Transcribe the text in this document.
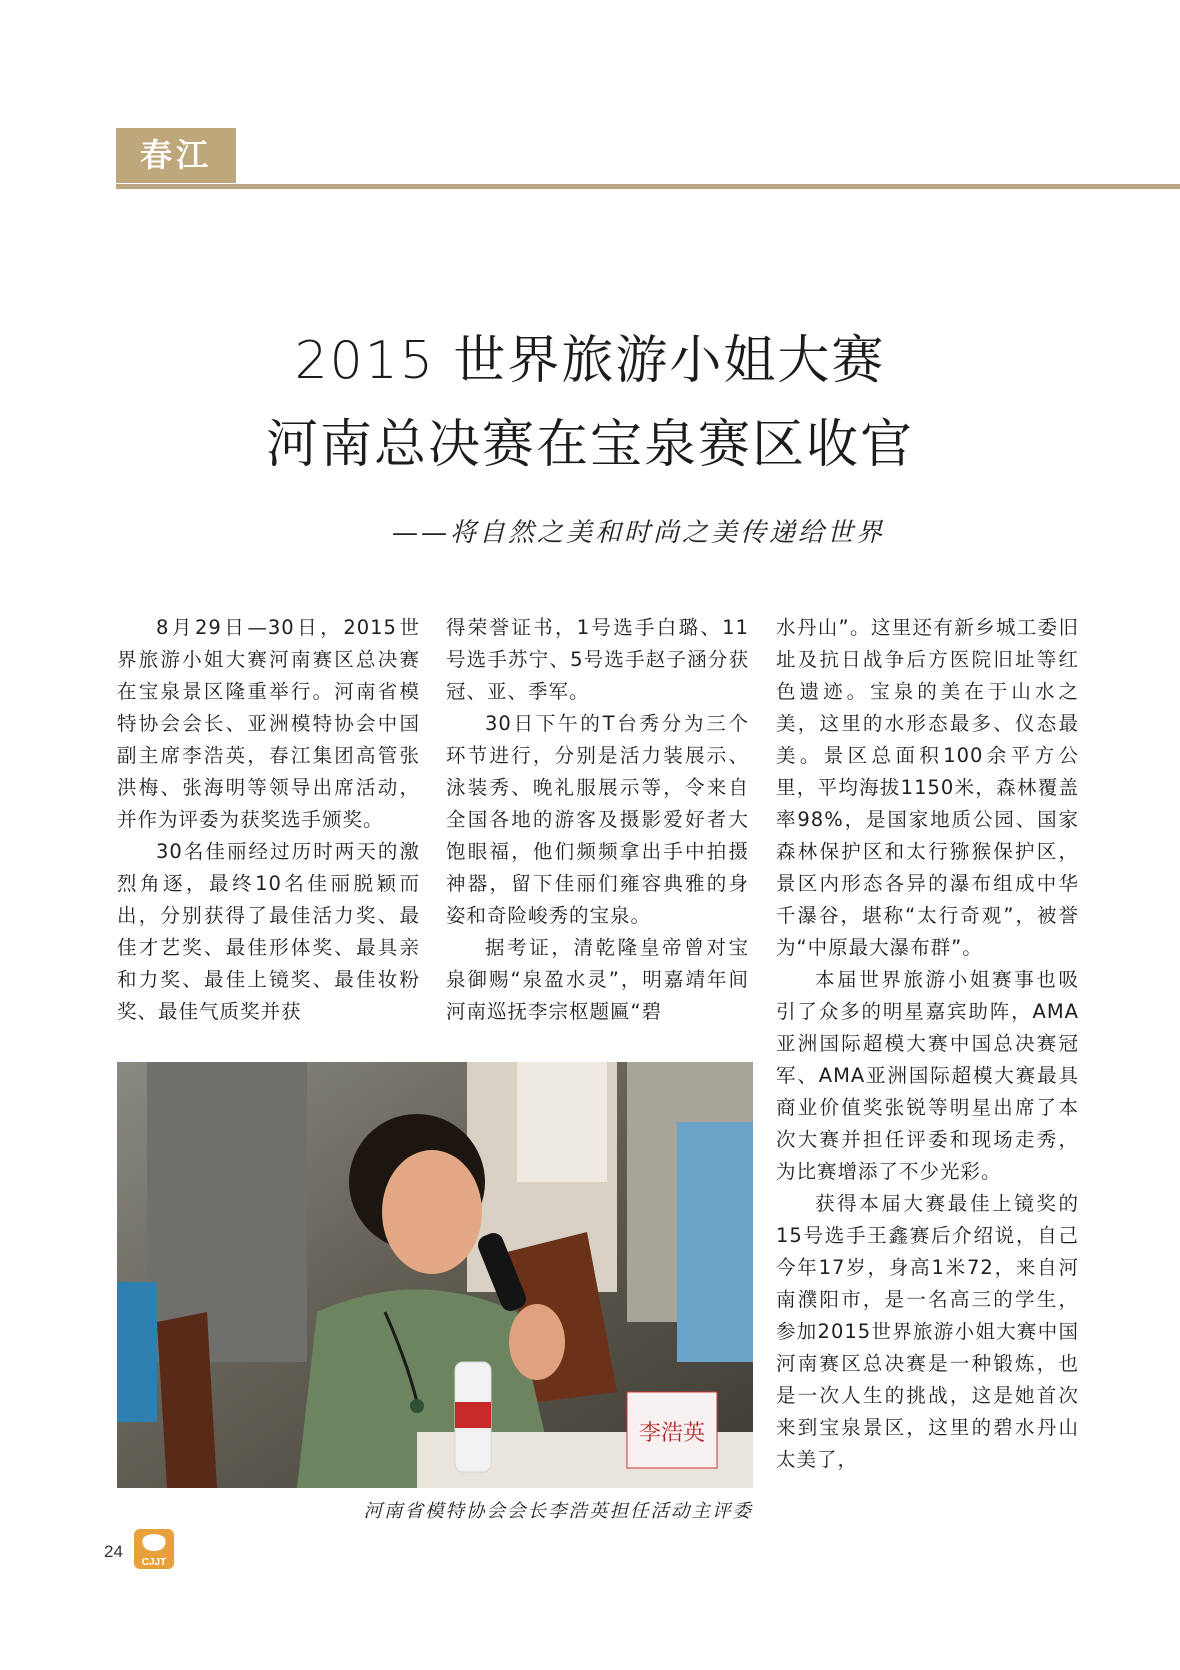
春江
2015 世界旅游小姐大赛
河南总决赛在宝泉赛区收官
——将自然之美和时尚之美传递给世界

8月29日—30日，2015世界旅游小姐大赛河南赛区总决赛在宝泉景区隆重举行。河南省模特协会会长、亚洲模特协会中国副主席李浩英，春江集团高管张洪梅、张海明等领导出席活动，并作为评委为获奖选手颁奖。

30名佳丽经过历时两天的激烈角逐，最终10名佳丽脱颖而出，分别获得了最佳活力奖、最佳才艺奖、最佳形体奖、最具亲和力奖、最佳上镜奖、最佳妆粉奖、最佳气质奖并获

得荣誉证书，1号选手白璐、11号选手苏宁、5号选手赵子涵分获冠、亚、季军。

30日下午的T台秀分为三个环节进行，分别是活力装展示、泳装秀、晚礼服展示等，令来自全国各地的游客及摄影爱好者大饱眼福，他们频频拿出手中拍摄神器，留下佳丽们雍容典雅的身姿和奇险峻秀的宝泉。

据考证，清乾隆皇帝曾对宝泉御赐“泉盈水灵”，明嘉靖年间河南巡抚李宗枢题匾“碧

水丹山”。这里还有新乡城工委旧址及抗日战争后方医院旧址等红色遗迹。宝泉的美在于山水之美，这里的水形态最多、仪态最美。景区总面积100余平方公里，平均海拔1150米，森林覆盖率98%，是国家地质公园、国家森林保护区和太行猕猴保护区，景区内形态各异的瀑布组成中华千瀑谷，堪称“太行奇观”，被誉为“中原最大瀑布群”。

本届世界旅游小姐赛事也吸引了众多的明星嘉宾助阵，AMA亚洲国际超模大赛中国总决赛冠军、AMA亚洲国际超模大赛最具商业价值奖张锐等明星出席了本次大赛并担任评委和现场走秀，为比赛增添了不少光彩。

获得本届大赛最佳上镜奖的15号选手王鑫赛后介绍说，自己今年17岁，身高1米72，来自河南濮阳市，是一名高三的学生，参加2015世界旅游小姐大赛中国河南赛区总决赛是一种锻炼，也是一次人生的挑战，这是她首次来到宝泉景区，这里的碧水丹山太美了，

李浩英
河南省模特协会会长李浩英担任活动主评委
24
CJJT
